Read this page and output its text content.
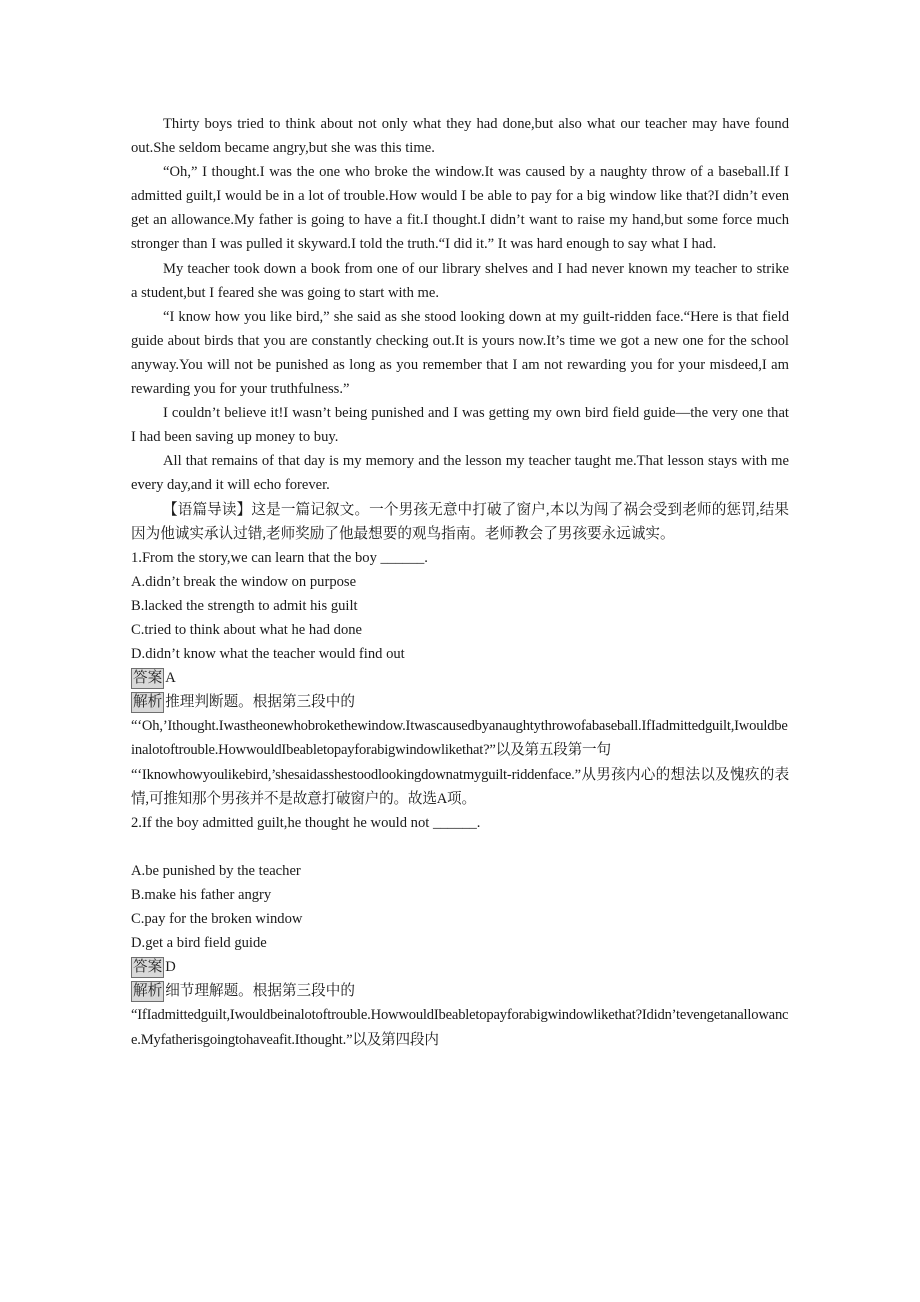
Thirty boys tried to think about not only what they had done,but also what our teacher may have found out.She seldom became angry,but she was this time.

“Oh,” I thought.I was the one who broke the window.It was caused by a naughty throw of a baseball.If I admitted guilt,I would be in a lot of trouble.How would I be able to pay for a big window like that?I didn’t even get an allowance.My father is going to have a fit.I thought.I didn’t want to raise my hand,but some force much stronger than I was pulled it skyward.I told the truth.“I did it.” It was hard enough to say what I had.

My teacher took down a book from one of our library shelves and I had never known my teacher to strike a student,but I feared she was going to start with me.

“I know how you like bird,” she said as she stood looking down at my guilt-ridden face.“Here is that field guide about birds that you are constantly checking out.It is yours now.It’s time we got a new one for the school anyway.You will not be punished as long as you remember that I am not rewarding you for your misdeed,I am rewarding you for your truthfulness.”

I couldn’t believe it!I wasn’t being punished and I was getting my own bird field guide—the very one that I had been saving up money to buy.

All that remains of that day is my memory and the lesson my teacher taught me.That lesson stays with me every day,and it will echo forever.

【语篇导读】这是一篇记叙文。一个男孩无意中打破了窗户,本以为闯了祸会受到老师的惩罚,结果因为他诚实承认过错,老师奖励了他最想要的观鸟指南。老师教会了男孩要永远诚实。

1.From the story,we can learn that the boy ______.

A.didn’t break the window on purpose

B.lacked the strength to admit his guilt

C.tried to think about what he had done

D.didn’t know what the teacher would find out

答案 A

解析 推理判断题。根据第三段中的

“‘Oh,’Ithought.Iwastheonewhobrokethewindow.Itwascausedbyanaughtythrowofabaseball.IfIadmittedguilt,Iwouldbeinalotoftrouble.HowwouldIbeabletopayforabigwindowlikethat?”以及第五段第一句

“‘Iknowhowyoulikebird,’shesaidasshestoodlookingdownatmyguilt-riddenface.”从男孩内心的想法以及愧疚的表情,可推知那个男孩并不是故意打破窗户的。故选A项。

2.If the boy admitted guilt,he thought he would not ______.

A.be punished by the teacher

B.make his father angry

C.pay for the broken window

D.get a bird field guide

答案 D

解析 细节理解题。根据第三段中的

“IfIadmittedguilt,Iwouldbeinalotoftrouble.HowwouldIbeabletopayforabigwindowlikethat?Ididn’tevengetanallowance.Myfatherisgoingtohaveafit.Ithought.”以及第四段内
